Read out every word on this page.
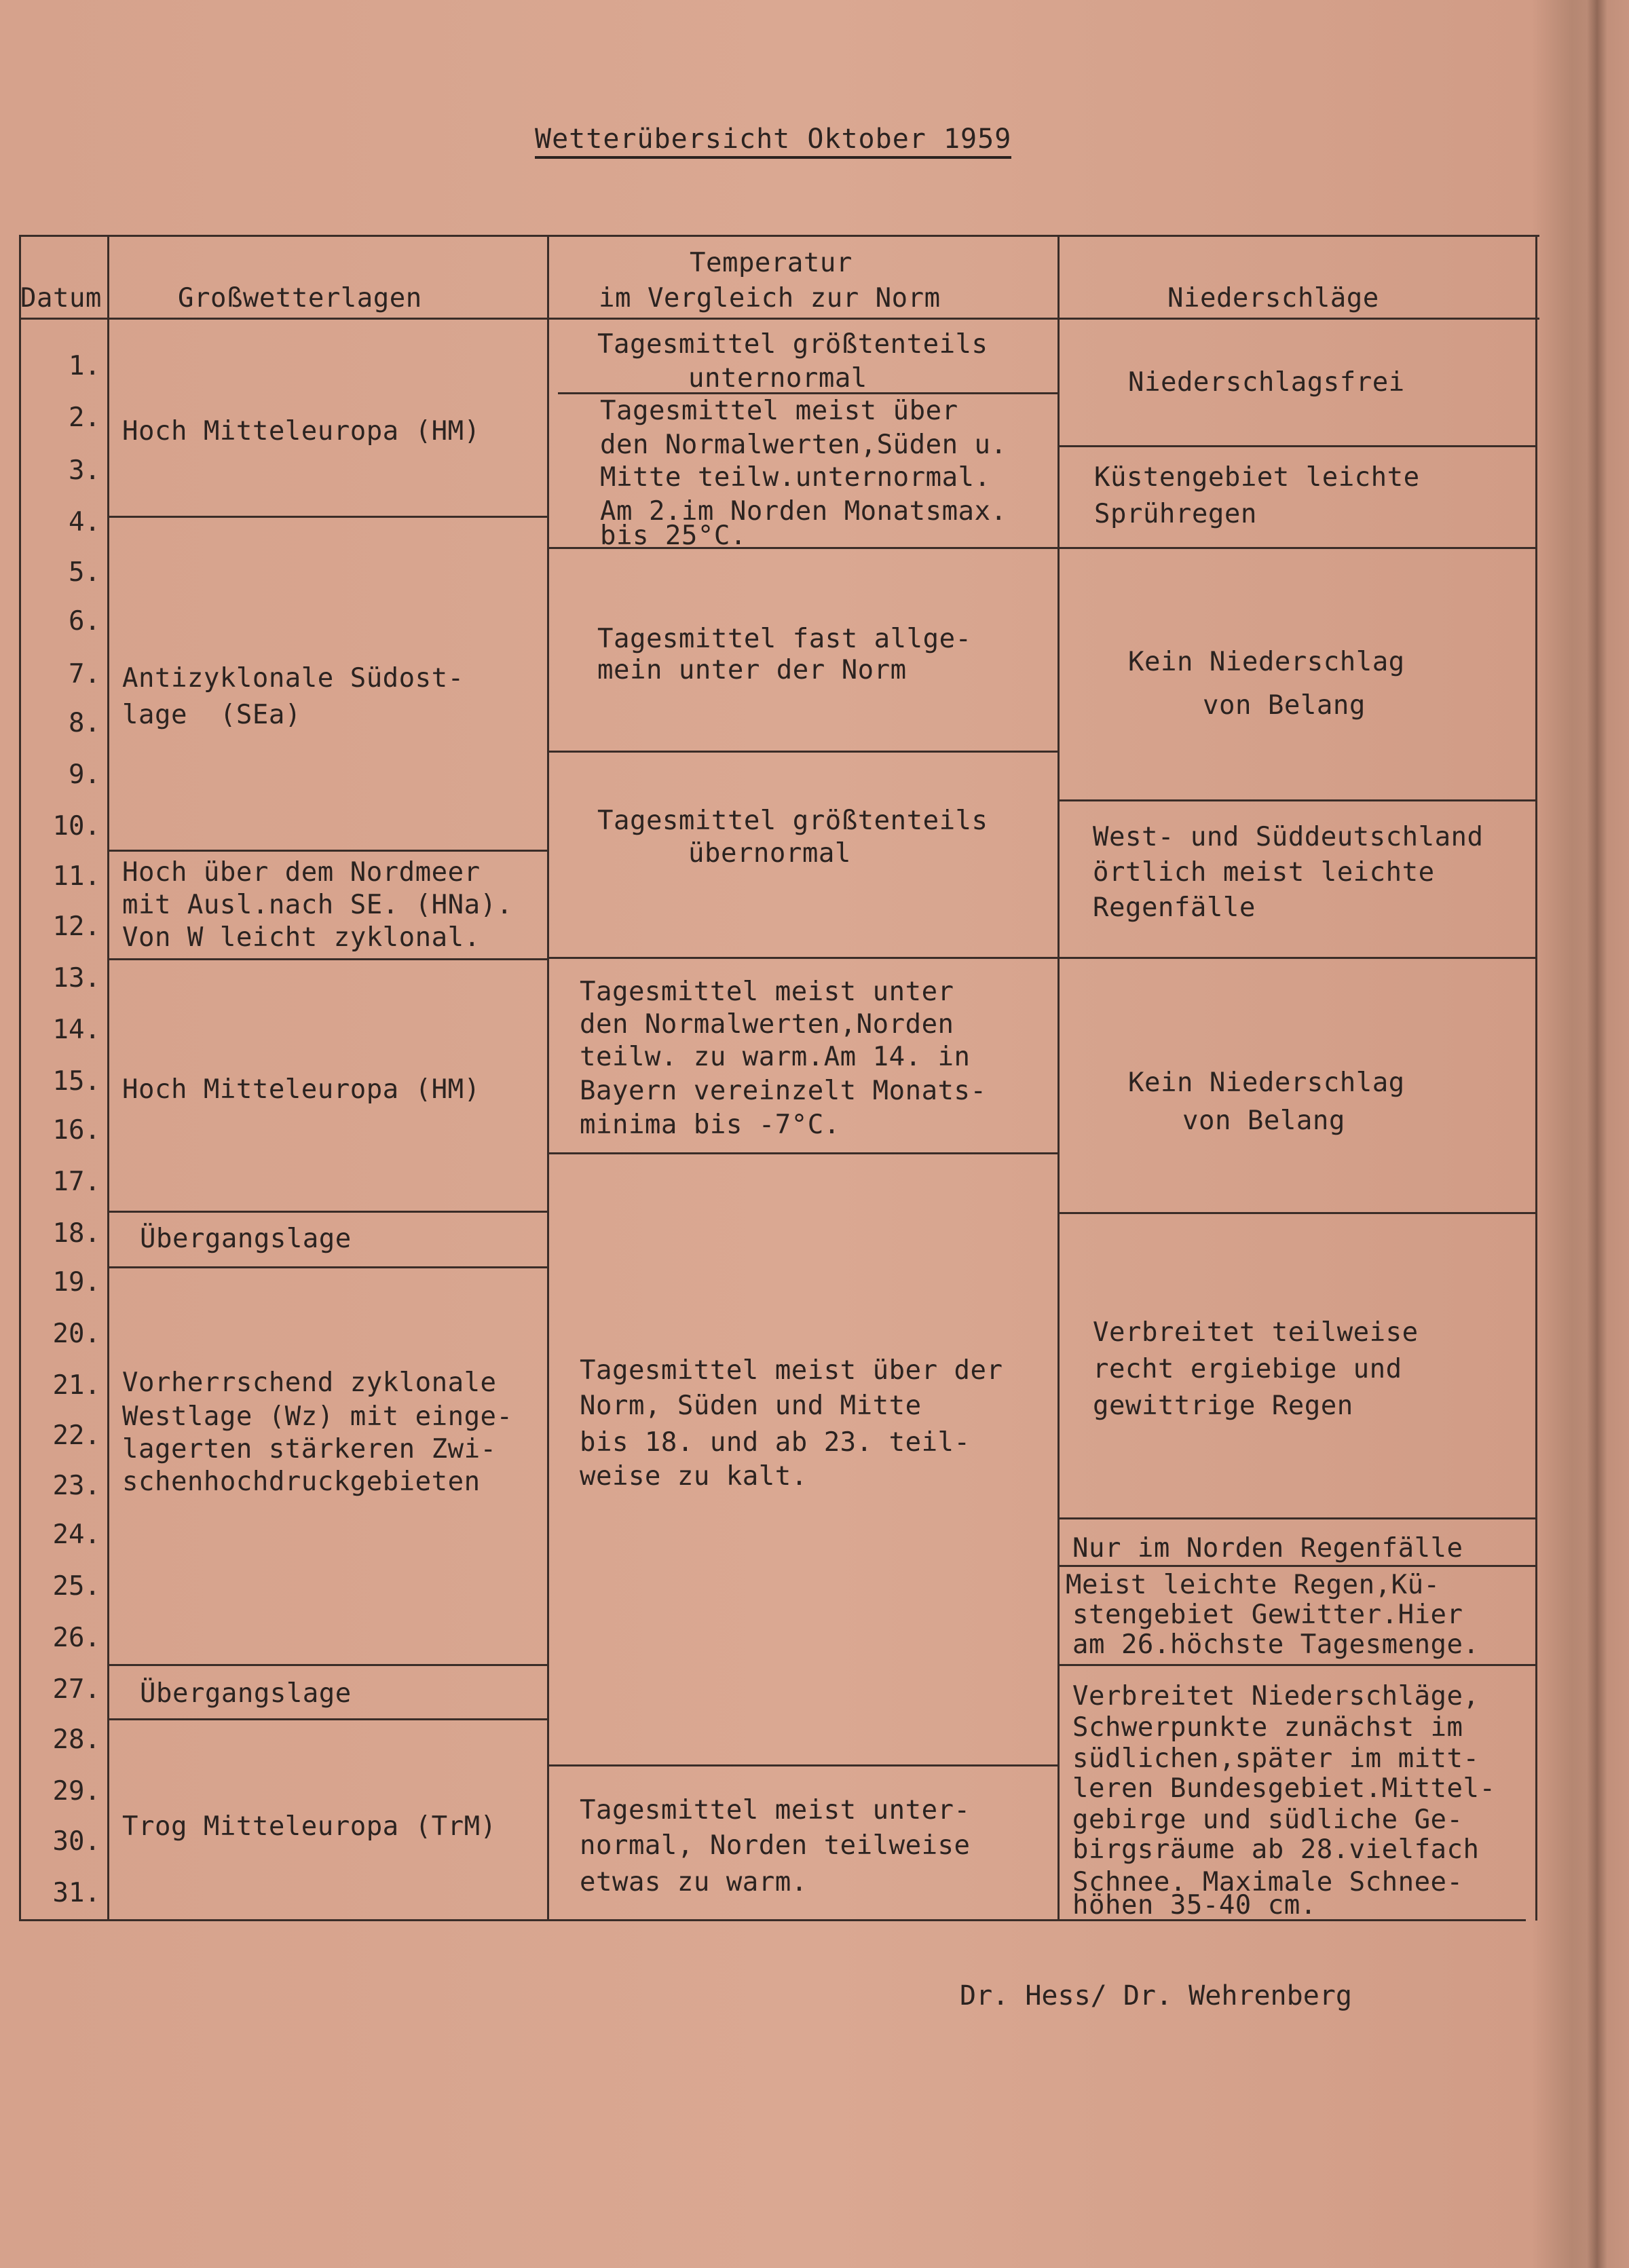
Wetterübersicht Oktober 1959
Datum	Großwetterlagen
Temperatur
im Vergleich zur Norm	Niederschläge
1.
2.
3.
4.
5.
6.
7.
8.
9.
10.
11.
12.
13.
14.
15.
16.
17.
18.
19.
20.
21.
22.
23.
24.
25.
26.
27.
28.
29.
30.
31.
Hoch Mitteleuropa (HM)
Antizyklonale Südost-
lage  (SEa)
Hoch über dem Nordmeer
mit Ausl.nach SE. (HNa).
Von W leicht zyklonal.
Hoch Mitteleuropa (HM)
Übergangslage
Vorherrschend zyklonale
Westlage (Wz) mit einge-
lagerten stärkeren Zwi-
schenhochdruckgebieten
Übergangslage
Trog Mitteleuropa (TrM)
Tagesmittel größtenteils
unternormal
Tagesmittel meist über
den Normalwerten,Süden u.
Mitte teilw.unternormal.
Am 2.im Norden Monatsmax.
bis 25°C.
Tagesmittel fast allge-
mein unter der Norm
Tagesmittel größtenteils
übernormal
Tagesmittel meist unter
den Normalwerten,Norden
teilw. zu warm.Am 14. in
Bayern vereinzelt Monats-
minima bis -7°C.
Tagesmittel meist über der
Norm, Süden und Mitte
bis 18. und ab 23. teil-
weise zu kalt.
Tagesmittel meist unter-
normal, Norden teilweise
etwas zu warm.
Niederschlagsfrei
Küstengebiet leichte
Sprühregen
Kein Niederschlag
von Belang
West- und Süddeutschland
örtlich meist leichte
Regenfälle
Kein Niederschlag
von Belang
Verbreitet teilweise
recht ergiebige und
gewittrige Regen
Nur im Norden Regenfälle
Meist leichte Regen,Kü-
stengebiet Gewitter.Hier
am 26.höchste Tagesmenge.
Verbreitet Niederschläge,
Schwerpunkte zunächst im
südlichen,später im mitt-
leren Bundesgebiet.Mittel-
gebirge und südliche Ge-
birgsräume ab 28.vielfach
Schnee. Maximale Schnee-
höhen 35-40 cm.
Dr. Hess/ Dr. Wehrenberg
